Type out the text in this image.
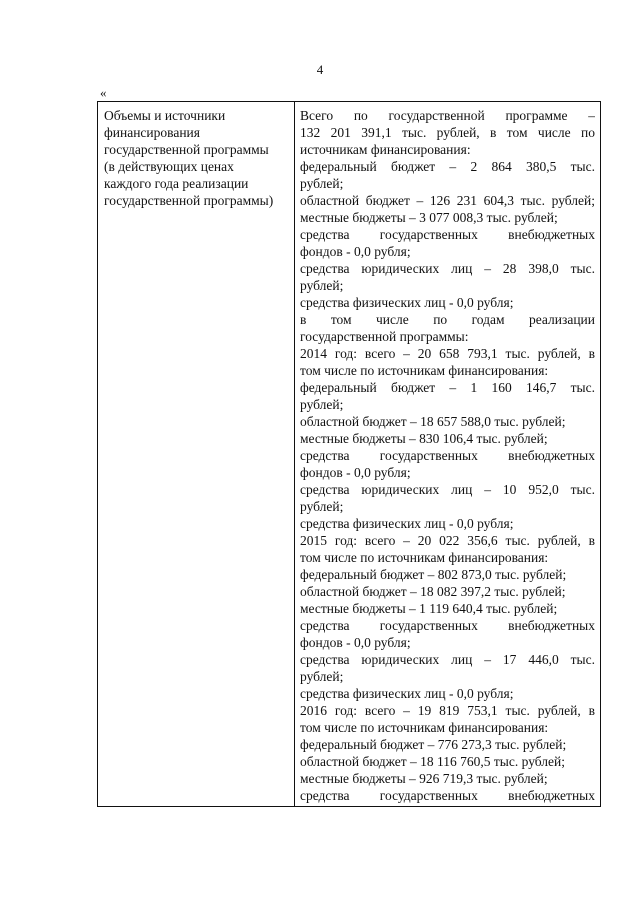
4
«
Объемы и источники
финансирования
государственной программы
(в действующих ценах
каждого года реализации
государственной программы)
Всего по государственной программе –
132 201 391,1 тыс. рублей, в том числе по
источникам финансирования:
федеральный бюджет – 2 864 380,5 тыс.
рублей;
областной бюджет – 126 231 604,3 тыс. рублей;
местные бюджеты – 3 077 008,3 тыс. рублей;
средства государственных внебюджетных
фондов - 0,0 рубля;
средства юридических лиц – 28 398,0 тыс.
рублей;
средства физических лиц - 0,0 рубля;
в том числе по годам реализации
государственной программы:
2014 год: всего – 20 658 793,1 тыс. рублей, в
том числе по источникам финансирования:
федеральный бюджет – 1 160 146,7 тыс.
рублей;
областной бюджет – 18 657 588,0 тыс. рублей;
местные бюджеты – 830 106,4 тыс. рублей;
средства государственных внебюджетных
фондов - 0,0 рубля;
средства юридических лиц – 10 952,0 тыс.
рублей;
средства физических лиц - 0,0 рубля;
2015 год: всего – 20 022 356,6 тыс. рублей, в
том числе по источникам финансирования:
федеральный бюджет – 802 873,0 тыс. рублей;
областной бюджет – 18 082 397,2 тыс. рублей;
местные бюджеты – 1 119 640,4 тыс. рублей;
средства государственных внебюджетных
фондов - 0,0 рубля;
средства юридических лиц – 17 446,0 тыс.
рублей;
средства физических лиц - 0,0 рубля;
2016 год: всего – 19 819 753,1 тыс. рублей, в
том числе по источникам финансирования:
федеральный бюджет – 776 273,3 тыс. рублей;
областной бюджет – 18 116 760,5 тыс. рублей;
местные бюджеты – 926 719,3 тыс. рублей;
средства государственных внебюджетных
